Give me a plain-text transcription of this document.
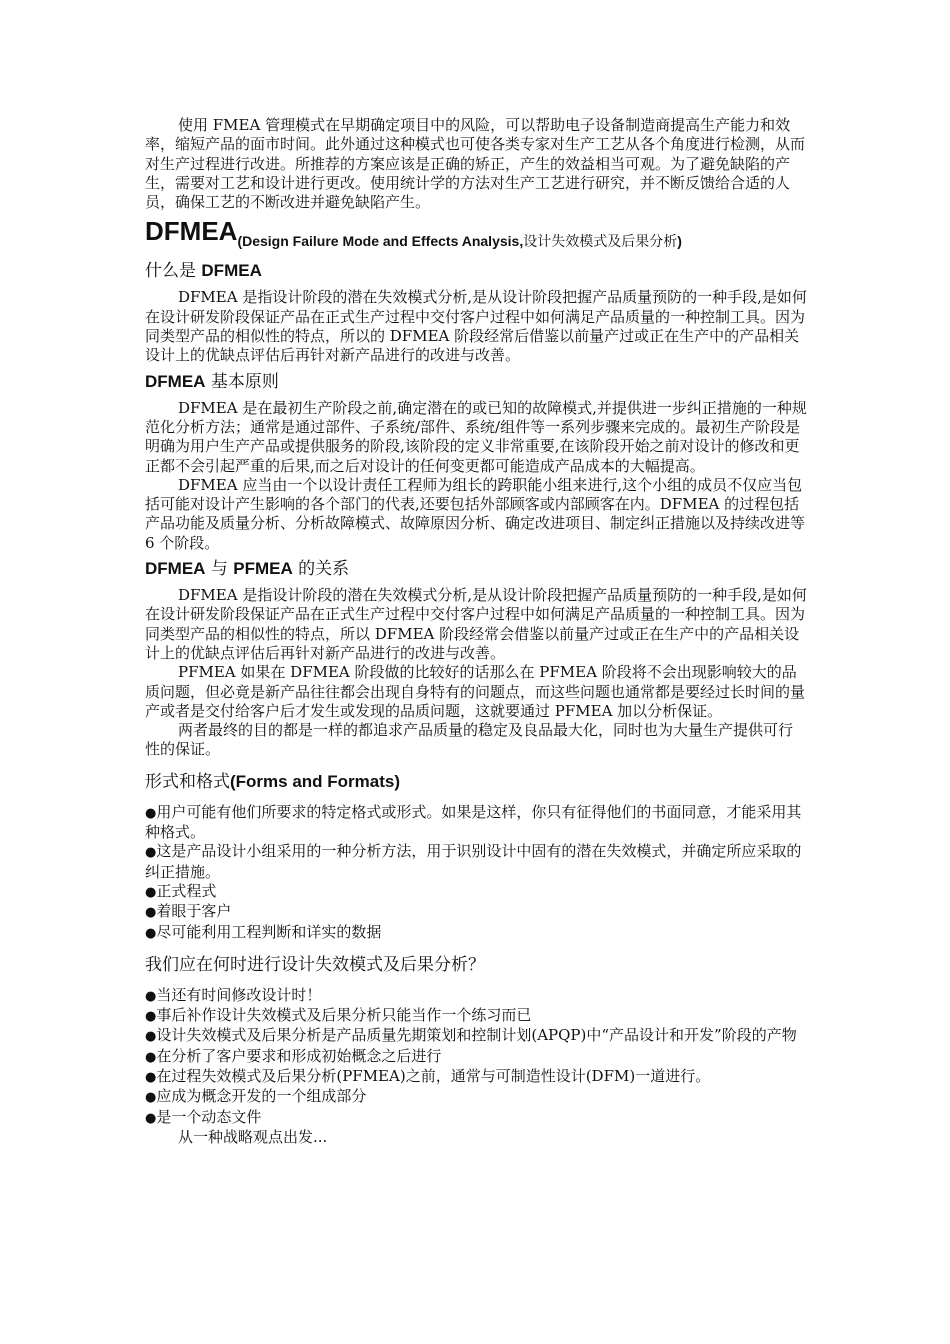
使用 FMEA 管理模式在早期确定项目中的风险，可以帮助电子设备制造商提高生产能力和效率，缩短产品的面市时间。此外通过这种模式也可使各类专家对生产工艺从各个角度进行检测，从而对生产过程进行改进。所推荐的方案应该是正确的矫正，产生的效益相当可观。为了避免缺陷的产生，需要对工艺和设计进行更改。使用统计学的方法对生产工艺进行研究，并不断反馈给合适的人员，确保工艺的不断改进并避免缺陷产生。

DFMEA(Design Failure Mode and Effects Analysis,设计失效模式及后果分析)
什么是 DFMEA

DFMEA 是指设计阶段的潜在失效模式分析,是从设计阶段把握产品质量预防的一种手段,是如何在设计研发阶段保证产品在正式生产过程中交付客户过程中如何满足产品质量的一种控制工具。因为同类型产品的相似性的特点，所以的 DFMEA 阶段经常后借鉴以前量产过或正在生产中的产品相关设计上的优缺点评估后再针对新产品进行的改进与改善。

DFMEA 基本原则

DFMEA 是在最初生产阶段之前,确定潜在的或已知的故障模式,并提供进一步纠正措施的一种规范化分析方法；通常是通过部件、子系统/部件、系统/组件等一系列步骤来完成的。最初生产阶段是明确为用户生产产品或提供服务的阶段,该阶段的定义非常重要,在该阶段开始之前对设计的修改和更正都不会引起严重的后果,而之后对设计的任何变更都可能造成产品成本的大幅提高。

DFMEA 应当由一个以设计责任工程师为组长的跨职能小组来进行,这个小组的成员不仅应当包括可能对设计产生影响的各个部门的代表,还要包括外部顾客或内部顾客在内。DFMEA 的过程包括产品功能及质量分析、分析故障模式、故障原因分析、确定改进项目、制定纠正措施以及持续改进等 6 个阶段。

DFMEA 与 PFMEA 的关系

DFMEA 是指设计阶段的潜在失效模式分析,是从设计阶段把握产品质量预防的一种手段,是如何在设计研发阶段保证产品在正式生产过程中交付客户过程中如何满足产品质量的一种控制工具。因为同类型产品的相似性的特点，所以 DFMEA 阶段经常会借鉴以前量产过或正在生产中的产品相关设计上的优缺点评估后再针对新产品进行的改进与改善。

PFMEA 如果在 DFMEA 阶段做的比较好的话那么在 PFMEA 阶段将不会出现影响较大的品质问题，但必竟是新产品往往都会出现自身特有的问题点，而这些问题也通常都是要经过长时间的量产或者是交付给客户后才发生或发现的品质问题，这就要通过 PFMEA 加以分析保证。

两者最终的目的都是一样的都追求产品质量的稳定及良品最大化，同时也为大量生产提供可行性的保证。

形式和格式(Forms and Formats)
●用户可能有他们所要求的特定格式或形式。如果是这样，你只有征得他们的书面同意，才能采用其种格式。
●这是产品设计小组采用的一种分析方法，用于识别设计中固有的潜在失效模式，并确定所应采取的纠正措施。
●正式程式
●着眼于客户
●尽可能利用工程判断和详实的数据
我们应在何时进行设计失效模式及后果分析？
●当还有时间修改设计时！
●事后补作设计失效模式及后果分析只能当作一个练习而已
●设计失效模式及后果分析是产品质量先期策划和控制计划(APQP)中“产品设计和开发”阶段的产物
●在分析了客户要求和形成初始概念之后进行
●在过程失效模式及后果分析(PFMEA)之前，通常与可制造性设计(DFM)一道进行。
●应成为概念开发的一个组成部分
●是一个动态文件

从一种战略观点出发...
